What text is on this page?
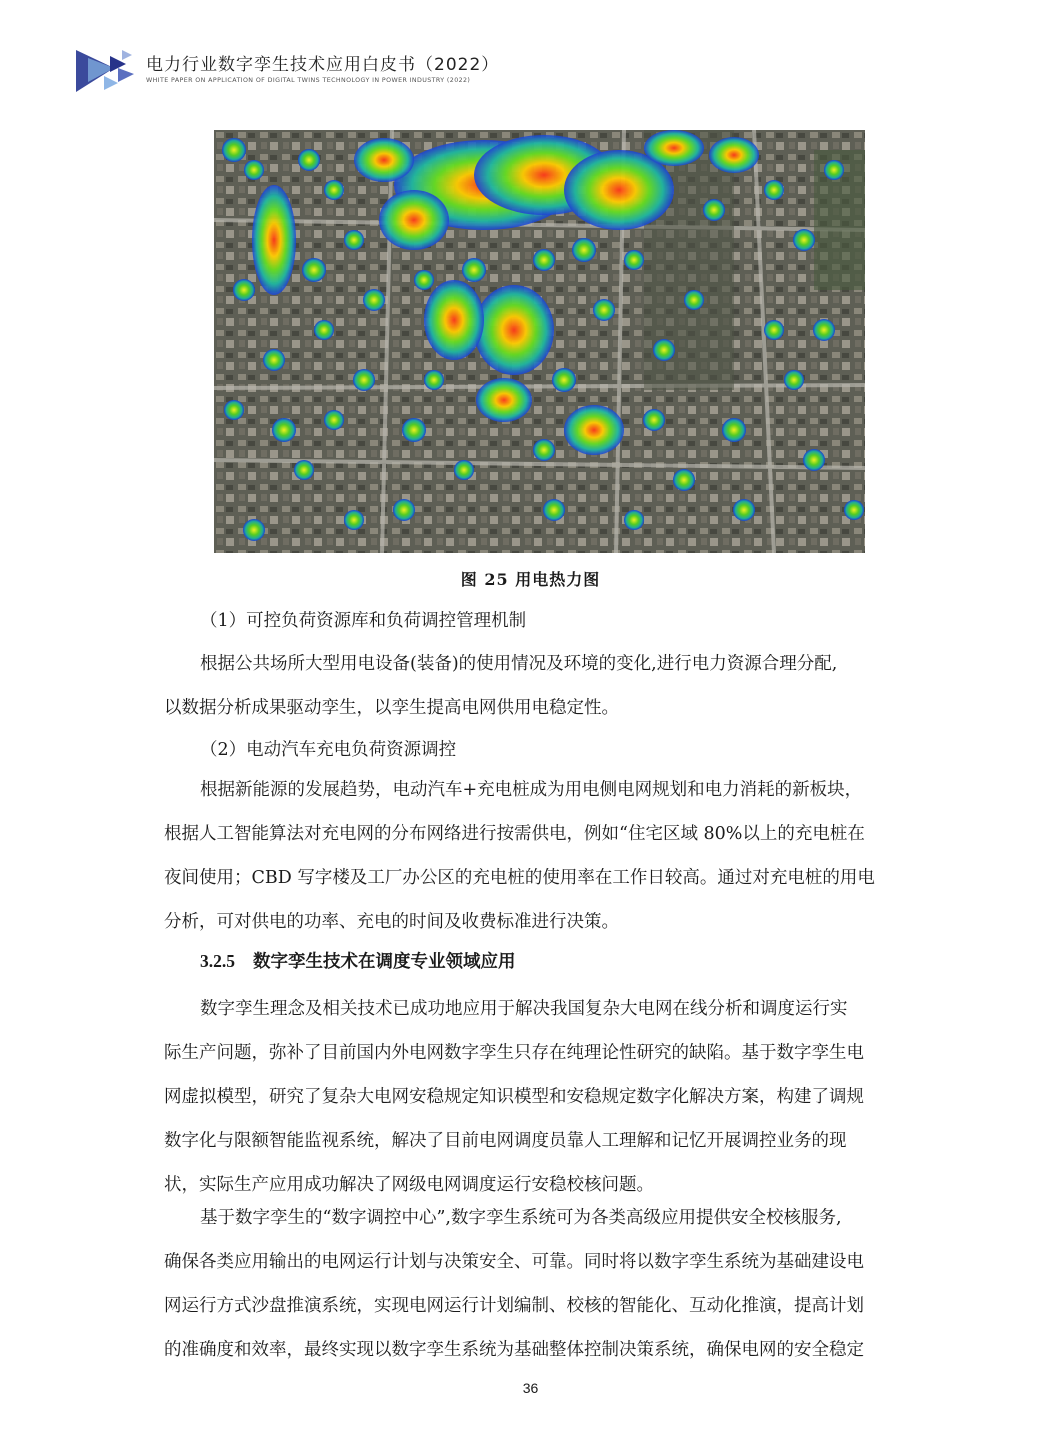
电力行业数字孪生技术应用白皮书（2022）
WHITE PAPER ON APPLICATION OF DIGITAL TWINS TECHNOLOGY IN POWER INDUSTRY (2022)
图 25 用电热力图
（1）可控负荷资源库和负荷调控管理机制
根据公共场所大型用电设备(装备)的使用情况及环境的变化,进行电力资源合理分配,
以数据分析成果驱动孪生，以孪生提高电网供用电稳定性。
（2）电动汽车充电负荷资源调控
根据新能源的发展趋势，电动汽车+充电桩成为用电侧电网规划和电力消耗的新板块，
根据人工智能算法对充电网的分布网络进行按需供电，例如“住宅区域 80%以上的充电桩在
夜间使用；CBD 写字楼及工厂办公区的充电桩的使用率在工作日较高。通过对充电桩的用电
分析，可对供电的功率、充电的时间及收费标准进行决策。
3.2.5 数字孪生技术在调度专业领域应用
数字孪生理念及相关技术已成功地应用于解决我国复杂大电网在线分析和调度运行实
际生产问题，弥补了目前国内外电网数字孪生只存在纯理论性研究的缺陷。基于数字孪生电
网虚拟模型，研究了复杂大电网安稳规定知识模型和安稳规定数字化解决方案，构建了调规
数字化与限额智能监视系统，解决了目前电网调度员靠人工理解和记忆开展调控业务的现
状，实际生产应用成功解决了网级电网调度运行安稳校核问题。
基于数字孪生的“数字调控中心”,数字孪生系统可为各类高级应用提供安全校核服务,
确保各类应用输出的电网运行计划与决策安全、可靠。同时将以数字孪生系统为基础建设电
网运行方式沙盘推演系统，实现电网运行计划编制、校核的智能化、互动化推演，提高计划
的准确度和效率，最终实现以数字孪生系统为基础整体控制决策系统，确保电网的安全稳定
36
